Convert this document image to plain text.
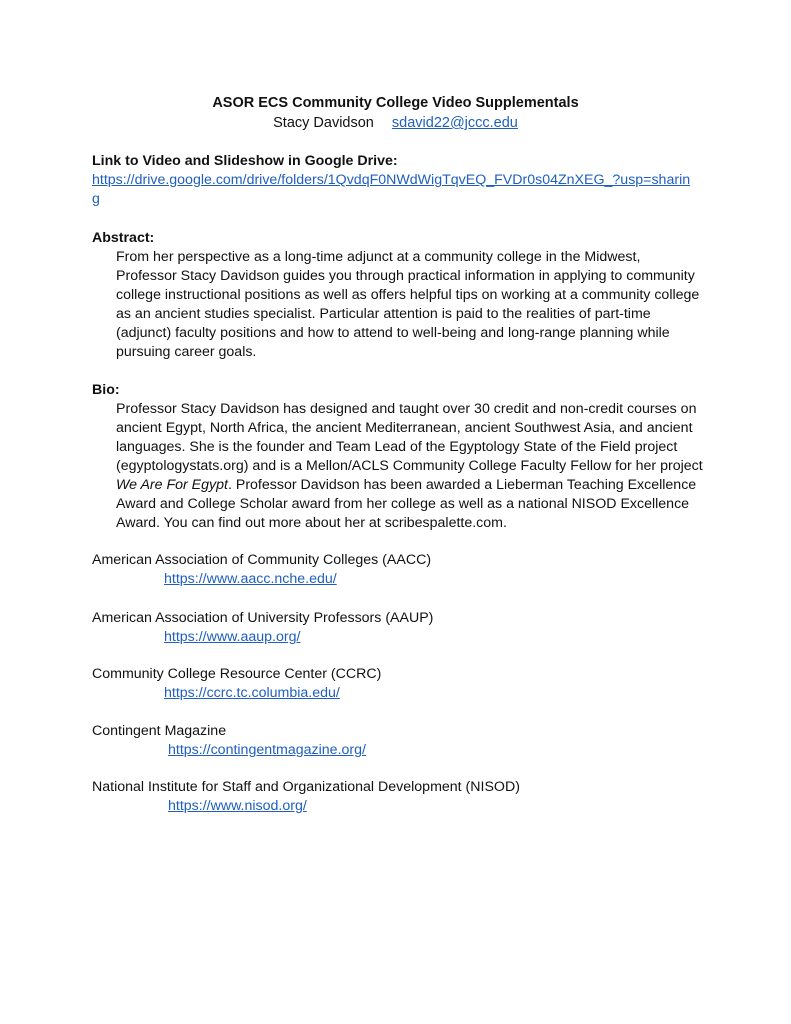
ASOR ECS Community College Video Supplementals
Stacy Davidson sdavid22@jccc.edu
Link to Video and Slideshow in Google Drive:
https://drive.google.com/drive/folders/1QvdqF0NWdWigTqvEQ_FVDr0s04ZnXEG_?usp=sharing
Abstract:
From her perspective as a long-time adjunct at a community college in the Midwest, Professor Stacy Davidson guides you through practical information in applying to community college instructional positions as well as offers helpful tips on working at a community college as an ancient studies specialist. Particular attention is paid to the realities of part-time (adjunct) faculty positions and how to attend to well-being and long-range planning while pursuing career goals.
Bio:
Professor Stacy Davidson has designed and taught over 30 credit and non-credit courses on ancient Egypt, North Africa, the ancient Mediterranean, ancient Southwest Asia, and ancient languages. She is the founder and Team Lead of the Egyptology State of the Field project (egyptologystats.org) and is a Mellon/ACLS Community College Faculty Fellow for her project We Are For Egypt. Professor Davidson has been awarded a Lieberman Teaching Excellence Award and College Scholar award from her college as well as a national NISOD Excellence Award. You can find out more about her at scribespalette.com.
American Association of Community Colleges (AACC)
https://www.aacc.nche.edu/
American Association of University Professors (AAUP)
https://www.aaup.org/
Community College Resource Center (CCRC)
https://ccrc.tc.columbia.edu/
Contingent Magazine
https://contingentmagazine.org/
National Institute for Staff and Organizational Development (NISOD)
https://www.nisod.org/
